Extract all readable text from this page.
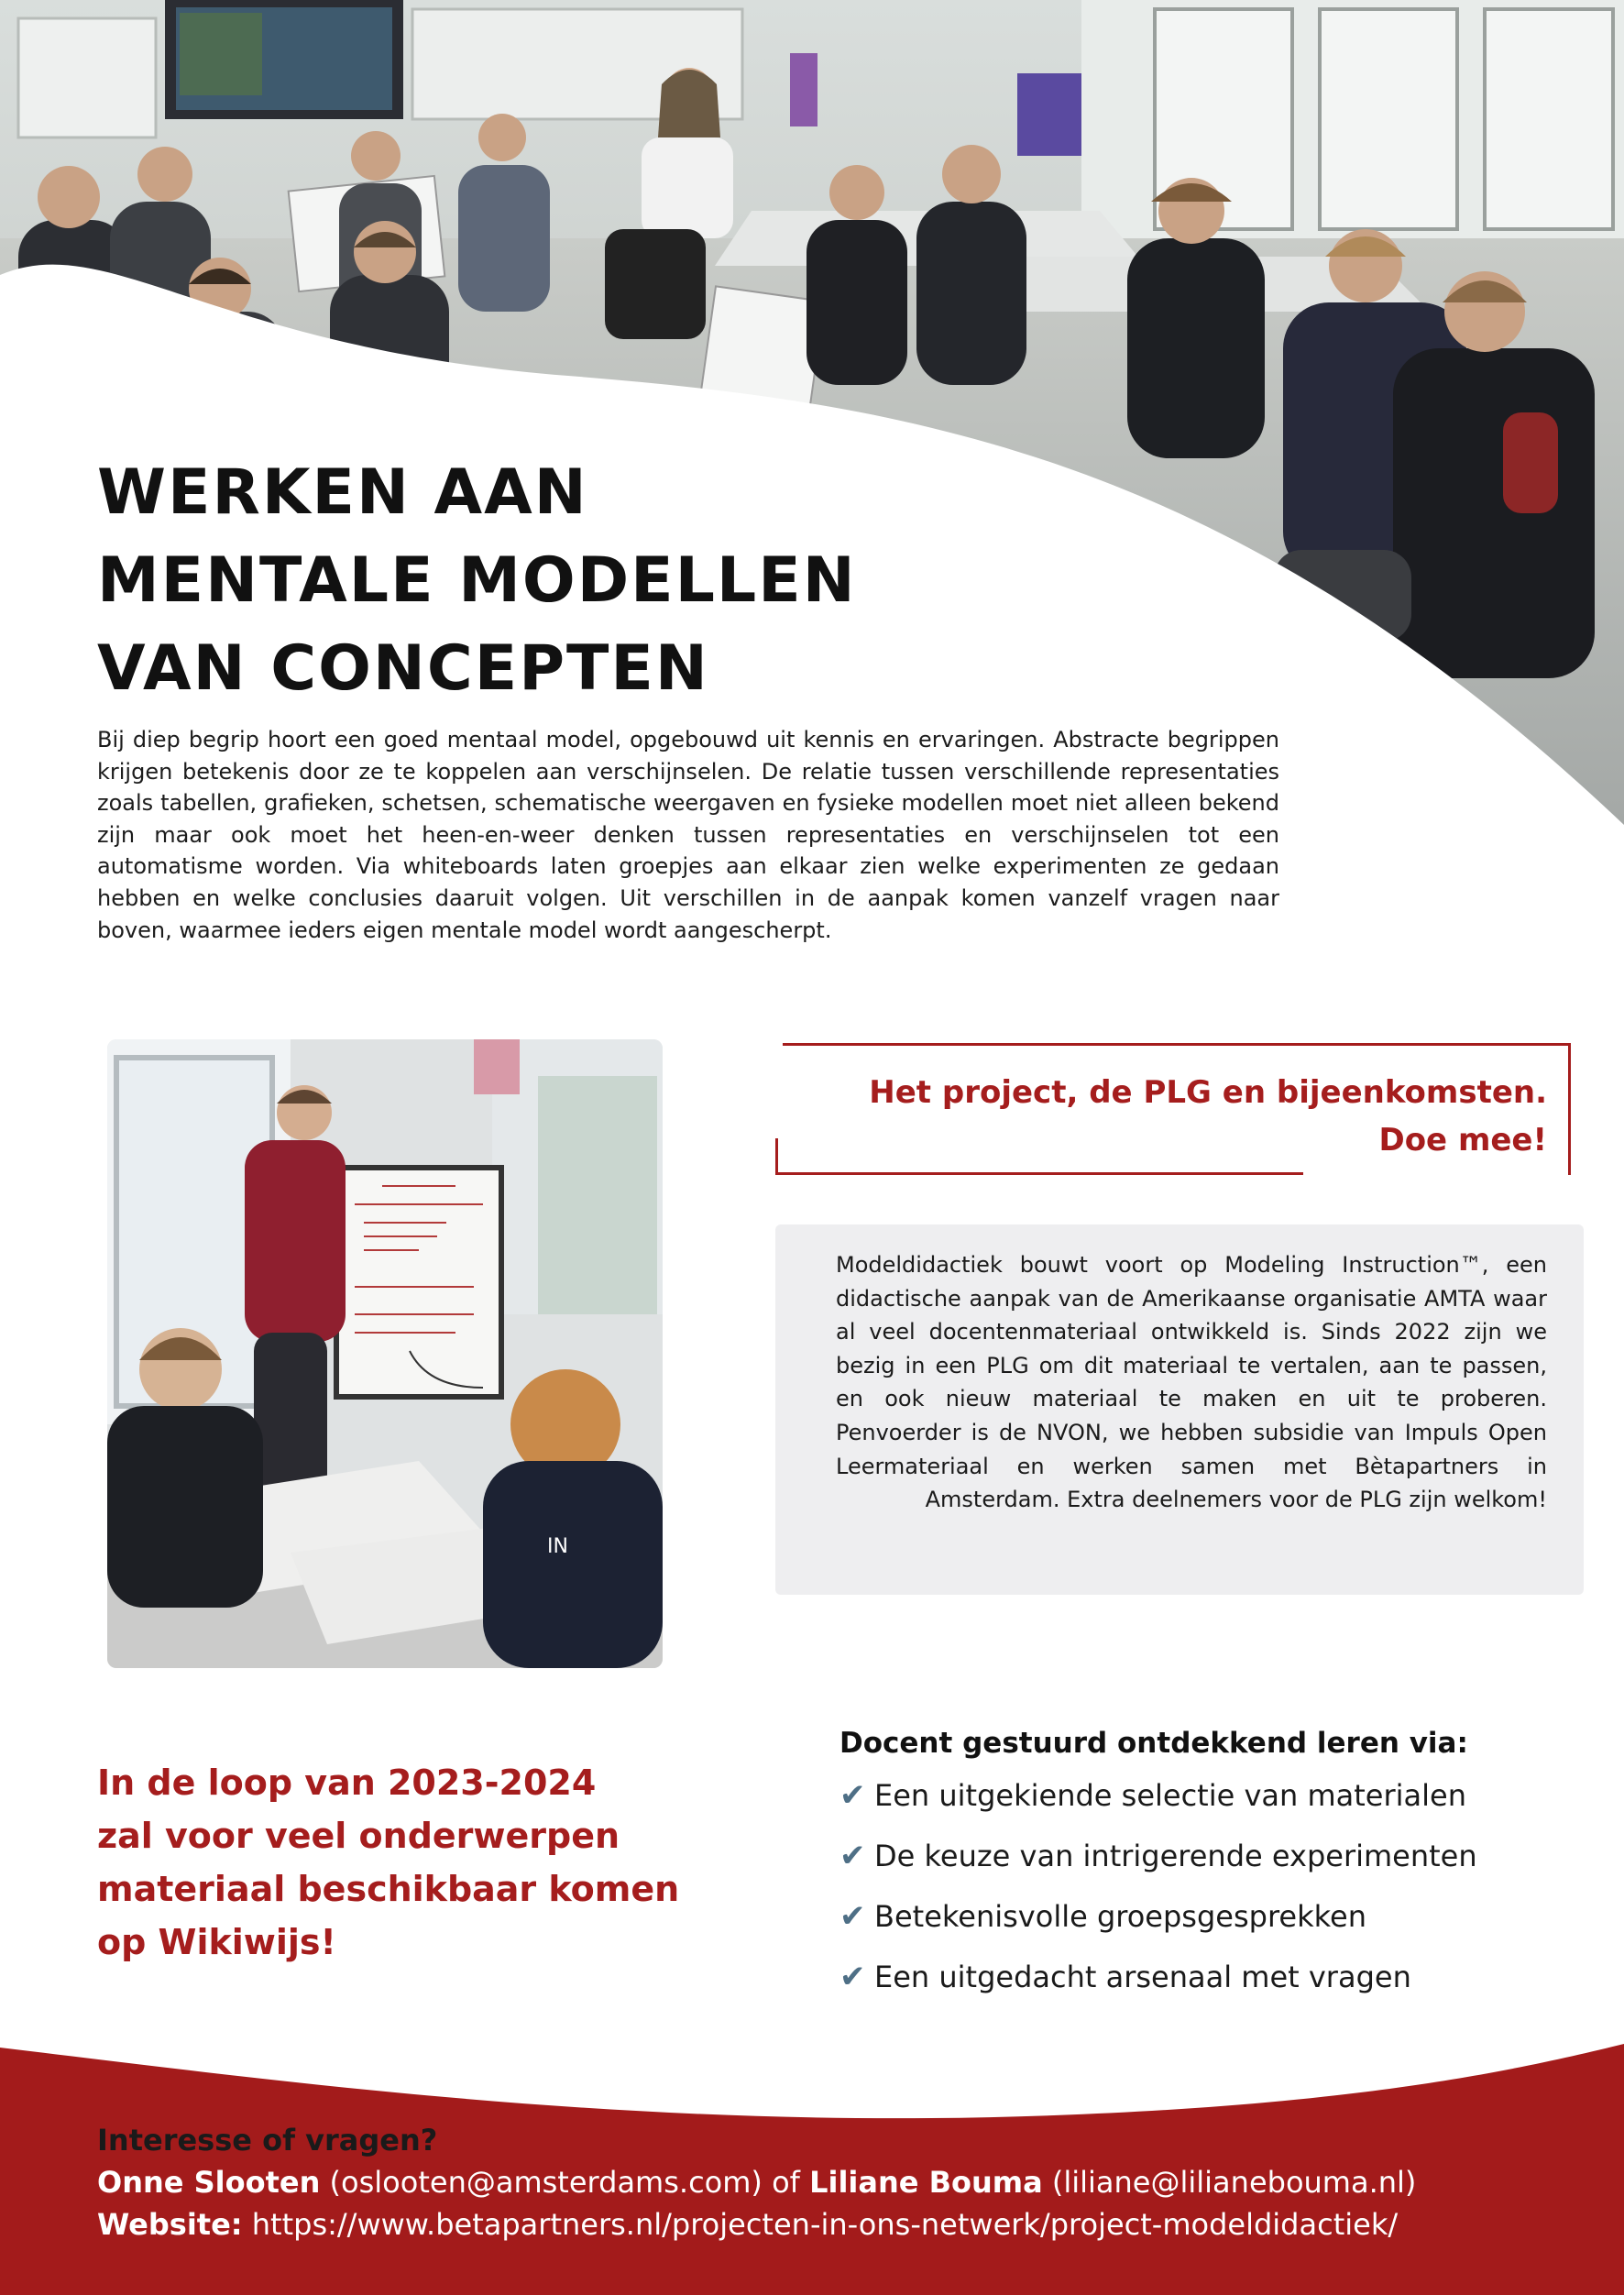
WERKEN AAN
MENTALE MODELLEN
VAN CONCEPTEN

Bij diep begrip hoort een goed mentaal model, opgebouwd uit kennis en ervaringen. Abstracte begrippen krijgen betekenis door ze te koppelen aan verschijnselen. De relatie tussen verschillende representaties zoals tabellen, grafieken, schetsen, schematische weergaven en fysieke modellen moet niet alleen bekend zijn maar ook moet het heen-en-weer denken tussen representaties en verschijnselen tot een automatisme worden. Via whiteboards laten groepjes aan elkaar zien welke experimenten ze gedaan hebben en welke conclusies daaruit volgen. Uit verschillen in de aanpak komen vanzelf vragen naar boven, waarmee ieders eigen mentale model wordt aangescherpt.

IN
Het project, de PLG en bijeenkomsten.
Doe mee!

Modeldidactiek bouwt voort op Modeling Instruction™, een didactische aanpak van de Amerikaanse organisatie AMTA waar al veel docentenmateriaal ontwikkeld is. Sinds 2022 zijn we bezig in een PLG om dit materiaal te vertalen, aan te passen, en ook nieuw materiaal te maken en uit te proberen. Penvoerder is de NVON, we hebben subsidie van Impuls Open Leermateriaal en werken samen met Bètapartners in Amsterdam. Extra deelnemers voor de PLG zijn welkom!

In de loop van 2023-2024
zal voor veel onderwerpen
materiaal beschikbaar komen
op Wikiwijs!
Docent gestuurd ontdekkend leren via:
✔ Een uitgekiende selectie van materialen
✔ De keuze van intrigerende experimenten
✔ Betekenisvolle groepsgesprekken
✔ Een uitgedacht arsenaal met vragen
Interesse of vragen?
Onne Slooten (oslooten@amsterdams.com) of Liliane Bouma (liliane@lilianebouma.nl)
Website: https://www.betapartners.nl/projecten-in-ons-netwerk/project-modeldidactiek/
